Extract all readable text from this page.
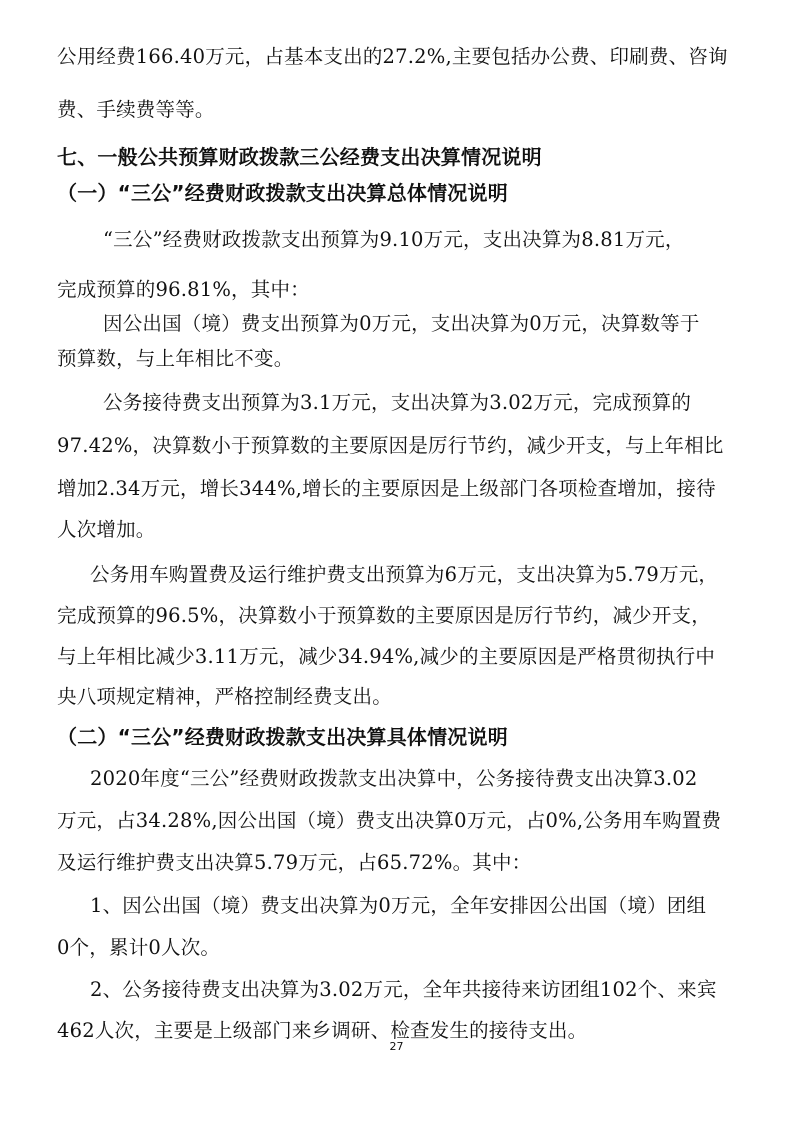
公用经费166.40万元，占基本支出的27.2%,主要包括办公费、印刷费、咨询
费、手续费等等。
七、一般公共预算财政拨款三公经费支出决算情况说明
（一）“三公”经费财政拨款支出决算总体情况说明
“三公”经费财政拨款支出预算为9.10万元，支出决算为8.81万元，
完成预算的96.81%，其中：
因公出国（境）费支出预算为0万元，支出决算为0万元，决算数等于
预算数，与上年相比不变。
公务接待费支出预算为3.1万元，支出决算为3.02万元，完成预算的
97.42%，决算数小于预算数的主要原因是厉行节约，减少开支，与上年相比
增加2.34万元，增长344%,增长的主要原因是上级部门各项检查增加，接待
人次增加。
公务用车购置费及运行维护费支出预算为6万元，支出决算为5.79万元，
完成预算的96.5%，决算数小于预算数的主要原因是厉行节约，减少开支，
与上年相比减少3.11万元，减少34.94%,减少的主要原因是严格贯彻执行中
央八项规定精神，严格控制经费支出。
（二）“三公”经费财政拨款支出决算具体情况说明
2020年度“三公”经费财政拨款支出决算中，公务接待费支出决算3.02
万元，占34.28%,因公出国（境）费支出决算0万元，占0%,公务用车购置费
及运行维护费支出决算5.79万元，占65.72%。其中：
1、因公出国（境）费支出决算为0万元，全年安排因公出国（境）团组
0个，累计0人次。
2、公务接待费支出决算为3.02万元，全年共接待来访团组102个、来宾
462人次，主要是上级部门来乡调研、检查发生的接待支出。
27
